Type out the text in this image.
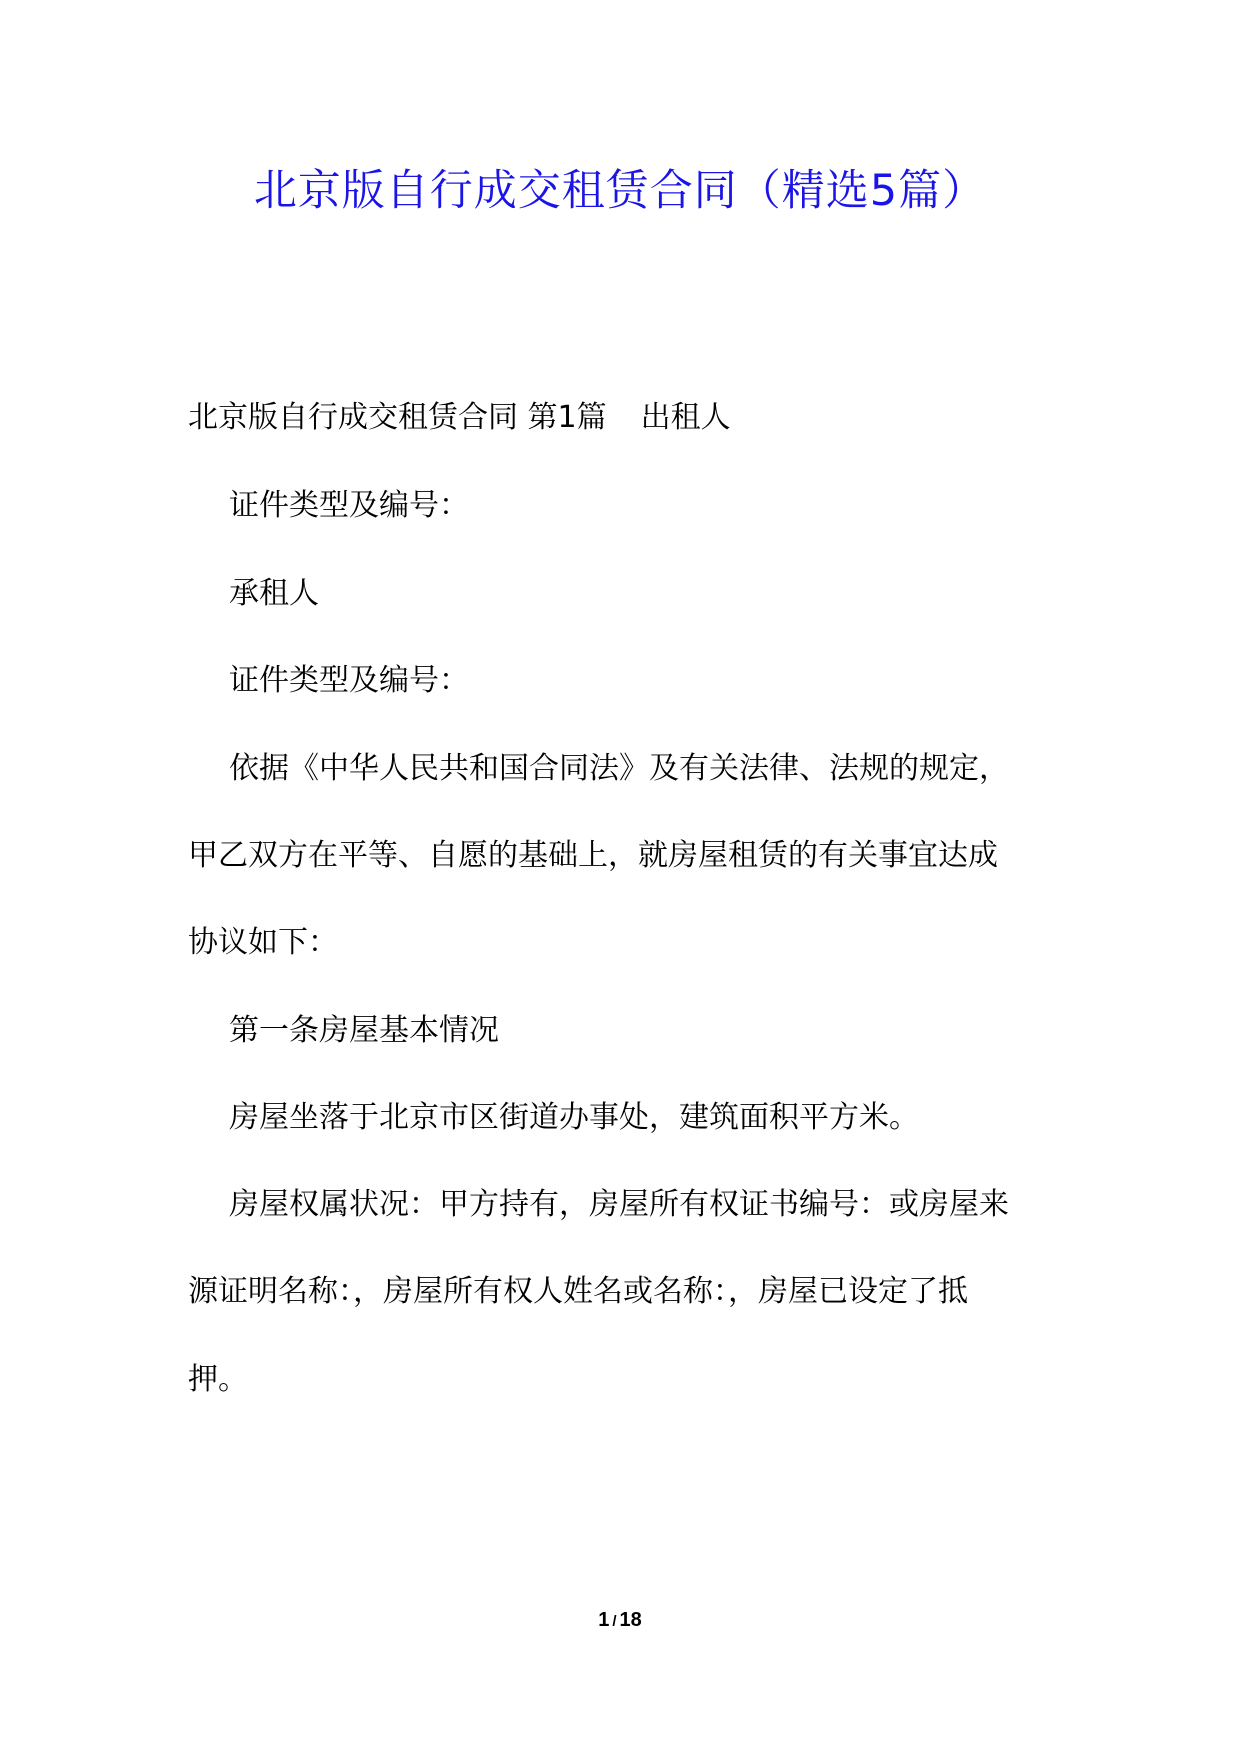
北京版自行成交租赁合同（精选5篇）
北京版自行成交租赁合同 第1篇 出租人
证件类型及编号：
承租人
证件类型及编号：
依据《中华人民共和国合同法》及有关法律、法规的规定，
甲乙双方在平等、自愿的基础上，就房屋租赁的有关事宜达成
协议如下：
第一条房屋基本情况
房屋坐落于北京市区街道办事处，建筑面积平方米。
房屋权属状况：甲方持有，房屋所有权证书编号：或房屋来
源证明名称：，房屋所有权人姓名或名称：，房屋已设定了抵
押。
1 / 18
